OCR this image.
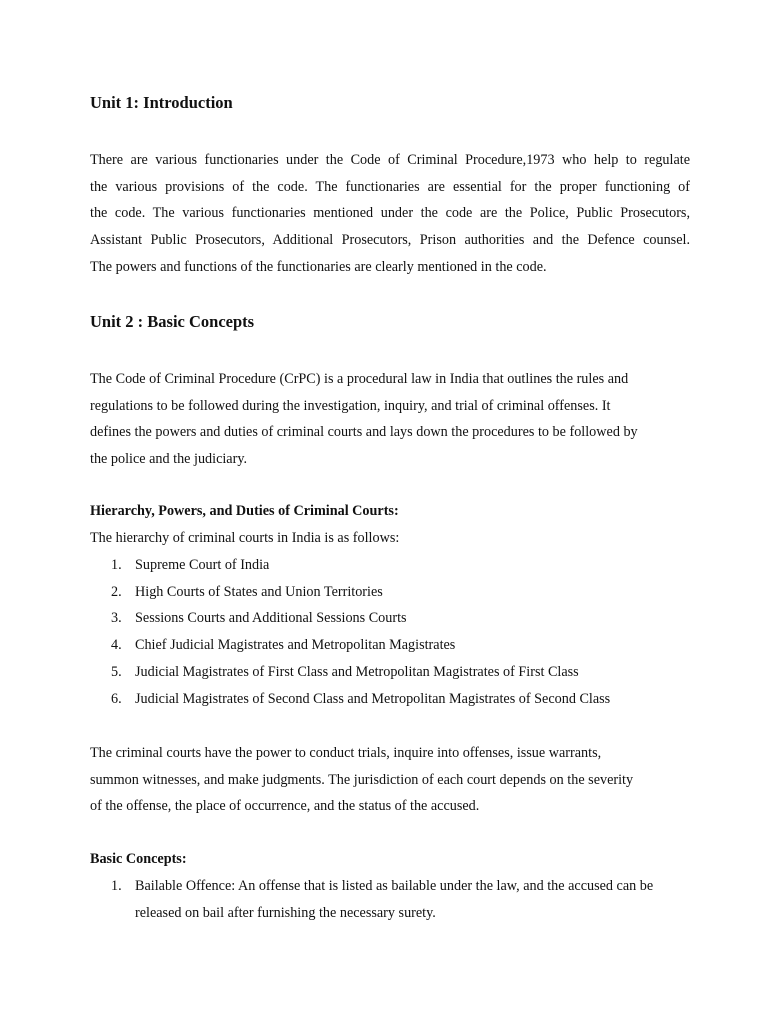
Unit 1: Introduction
There are various functionaries under the Code of Criminal Procedure,1973 who help to regulate
the various provisions of the code. The functionaries are essential for the proper functioning of
the code. The various functionaries mentioned under the code are the Police, Public Prosecutors,
Assistant Public Prosecutors, Additional Prosecutors, Prison authorities and the Defence counsel.
The powers and functions of the functionaries are clearly mentioned in the code.
Unit 2 : Basic Concepts
The Code of Criminal Procedure (CrPC) is a procedural law in India that outlines the rules and
regulations to be followed during the investigation, inquiry, and trial of criminal offenses. It
defines the powers and duties of criminal courts and lays down the procedures to be followed by
the police and the judiciary.
Hierarchy, Powers, and Duties of Criminal Courts:
The hierarchy of criminal courts in India is as follows:
1. Supreme Court of India
2. High Courts of States and Union Territories
3. Sessions Courts and Additional Sessions Courts
4. Chief Judicial Magistrates and Metropolitan Magistrates
5. Judicial Magistrates of First Class and Metropolitan Magistrates of First Class
6. Judicial Magistrates of Second Class and Metropolitan Magistrates of Second Class
The criminal courts have the power to conduct trials, inquire into offenses, issue warrants,
summon witnesses, and make judgments. The jurisdiction of each court depends on the severity
of the offense, the place of occurrence, and the status of the accused.
Basic Concepts:
1. Bailable Offence: An offense that is listed as bailable under the law, and the accused can be released on bail after furnishing the necessary surety.
